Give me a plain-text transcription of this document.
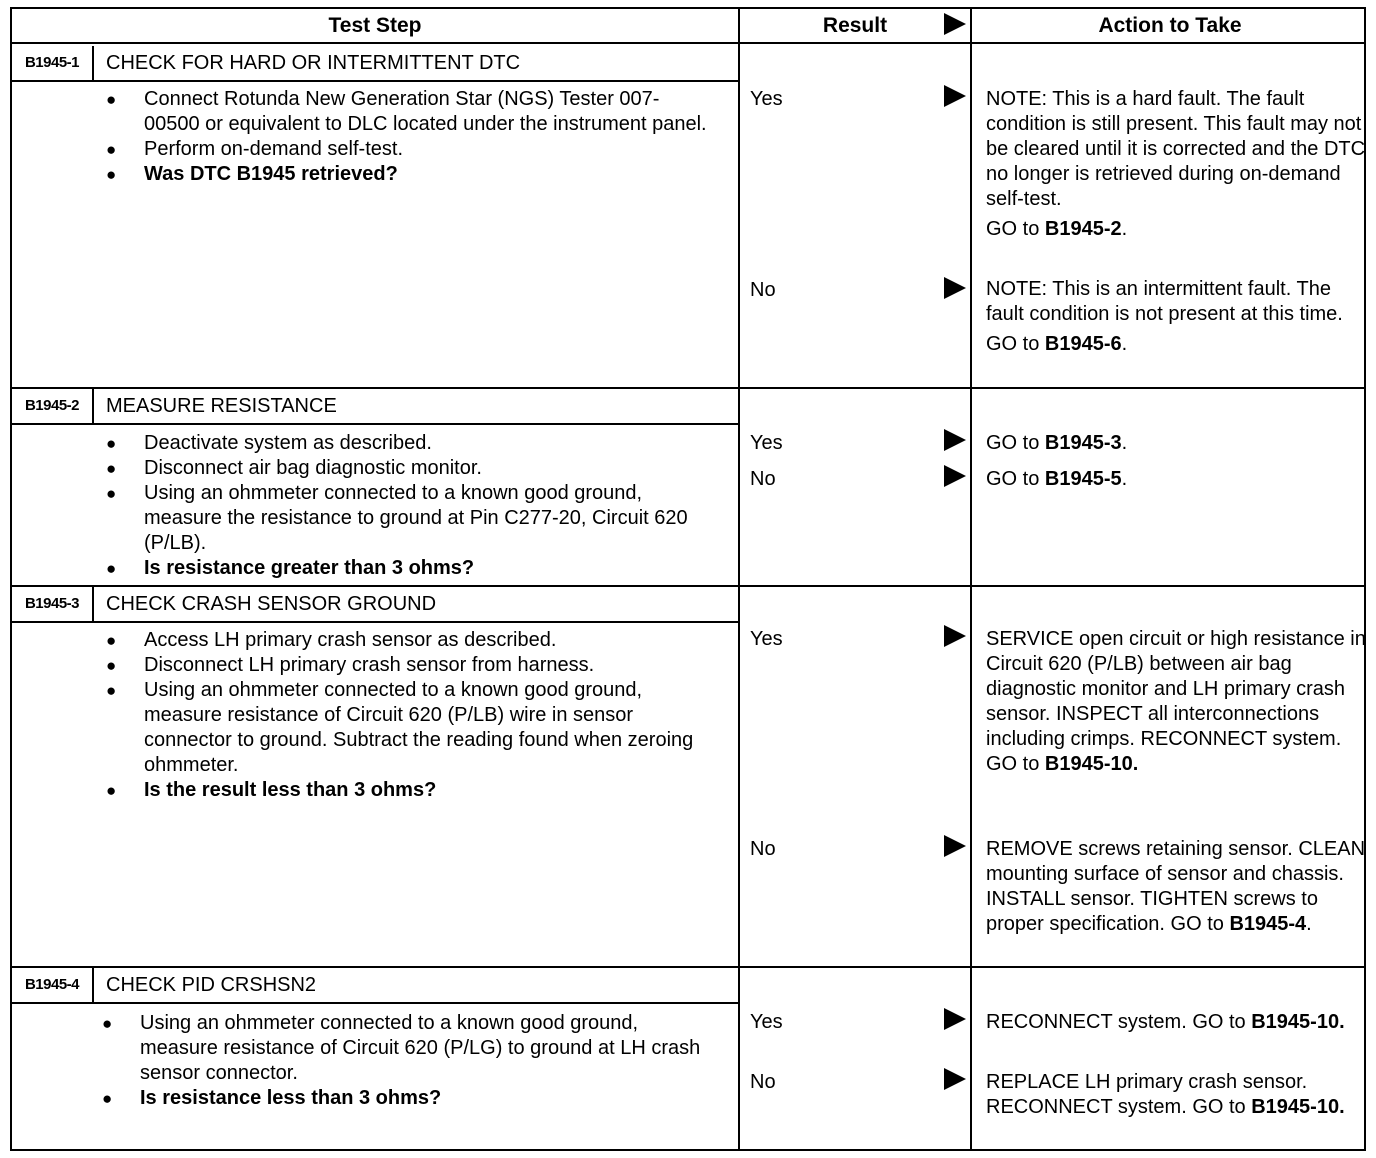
Test Step	Result	Action to Take
B1945-1	CHECK FOR HARD OR INTERMITTENT DTC
● Connect Rotunda New Generation Star (NGS) Tester 007-00500 or equivalent to DLC located under the instrument panel.
● Perform on-demand self-test.
● Was DTC B1945 retrieved?
Yes	NOTE: This is a hard fault. The fault condition is still present. This fault may not be cleared until it is corrected and the DTC no longer is retrieved during on-demand self-test.

GO to B1945-2.

No	NOTE: This is an intermittent fault. The fault condition is not present at this time.

GO to B1945-6.

B1945-2	MEASURE RESISTANCE
● Deactivate system as described.
● Disconnect air bag diagnostic monitor.
● Using an ohmmeter connected to a known good ground, measure the resistance to ground at Pin C277-20, Circuit 620 (P/LB).
● Is resistance greater than 3 ohms?
Yes	GO to B1945-3.
No	GO to B1945-5.
B1945-3	CHECK CRASH SENSOR GROUND
● Access LH primary crash sensor as described.
● Disconnect LH primary crash sensor from harness.
● Using an ohmmeter connected to a known good ground, measure resistance of Circuit 620 (P/LB) wire in sensor connector to ground. Subtract the reading found when zeroing ohmmeter.
● Is the result less than 3 ohms?
Yes	SERVICE open circuit or high resistance in Circuit 620 (P/LB) between air bag diagnostic monitor and LH primary crash sensor. INSPECT all interconnections including crimps. RECONNECT system. GO to B1945-10.
No	REMOVE screws retaining sensor. CLEAN mounting surface of sensor and chassis. INSTALL sensor. TIGHTEN screws to proper specification. GO to B1945-4.
B1945-4	CHECK PID CRSHSN2
● Using an ohmmeter connected to a known good ground, measure resistance of Circuit 620 (P/LG) to ground at LH crash sensor connector.
● Is resistance less than 3 ohms?
Yes	RECONNECT system. GO to B1945-10.
No	REPLACE LH primary crash sensor. RECONNECT system. GO to B1945-10.
